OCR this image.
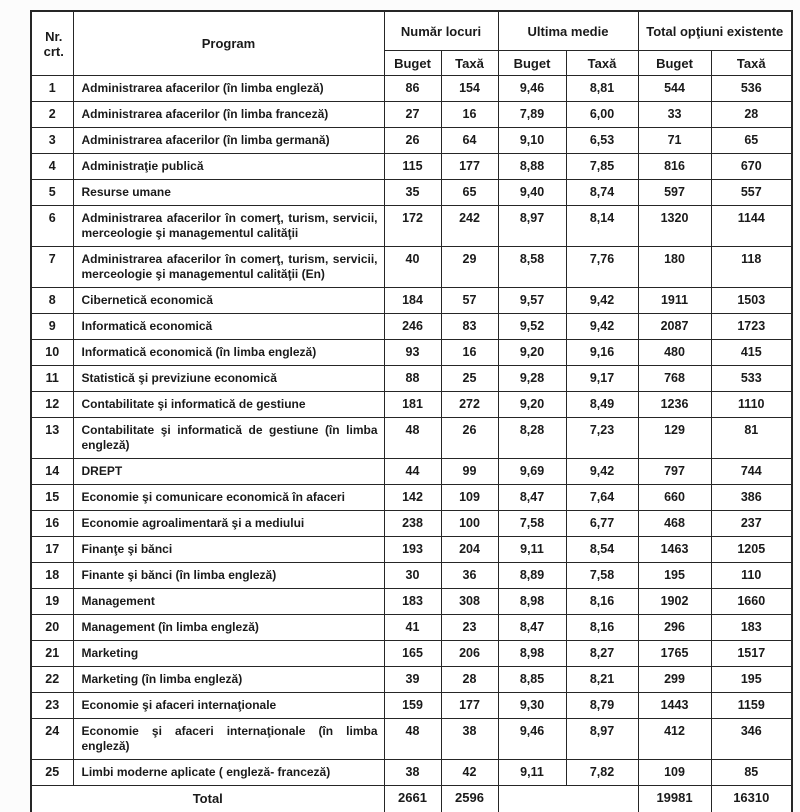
Nr. crt.	Program	Număr locuri		Ultima medie		Total opţiuni existente	
		Buget	Taxă	Buget	Taxă	Buget	Taxă
1	Administrarea afacerilor (în limba engleză)	86	154	9,46	8,81	544	536
2	Administrarea afacerilor (în limba franceză)	27	16	7,89	6,00	33	28
3	Administrarea afacerilor (în limba germană)	26	64	9,10	6,53	71	65
4	Administraţie publică	115	177	8,88	7,85	816	670
5	Resurse umane	35	65	9,40	8,74	597	557
6	Administrarea afacerilor în comerţ, turism, servicii, merceologie şi managementul calităţii	172	242	8,97	8,14	1320	1144
7	Administrarea afacerilor în comerţ, turism, servicii, merceologie şi managementul calităţii (En)	40	29	8,58	7,76	180	118
8	Cibernetică economică	184	57	9,57	9,42	1911	1503
9	Informatică economică	246	83	9,52	9,42	2087	1723
10	Informatică economică (în limba engleză)	93	16	9,20	9,16	480	415
11	Statistică şi previziune economică	88	25	9,28	9,17	768	533
12	Contabilitate şi informatică de gestiune	181	272	9,20	8,49	1236	1110
13	Contabilitate şi informatică de gestiune (în limba engleză)	48	26	8,28	7,23	129	81
14	DREPT	44	99	9,69	9,42	797	744
15	Economie şi comunicare economică în afaceri	142	109	8,47	7,64	660	386
16	Economie agroalimentară şi a mediului	238	100	7,58	6,77	468	237
17	Finanţe şi bănci	193	204	9,11	8,54	1463	1205
18	Finante şi bănci (în limba engleză)	30	36	8,89	7,58	195	110
19	Management	183	308	8,98	8,16	1902	1660
20	Management (în limba engleză)	41	23	8,47	8,16	296	183
21	Marketing	165	206	8,98	8,27	1765	1517
22	Marketing (în limba engleză)	39	28	8,85	8,21	299	195
23	Economie şi afaceri internaţionale	159	177	9,30	8,79	1443	1159
24	Economie şi afaceri internaţionale (în limba engleză)	48	38	9,46	8,97	412	346
25	Limbi moderne aplicate ( engleză- franceză)	38	42	9,11	7,82	109	85
Total		2661	2596			19981	16310
